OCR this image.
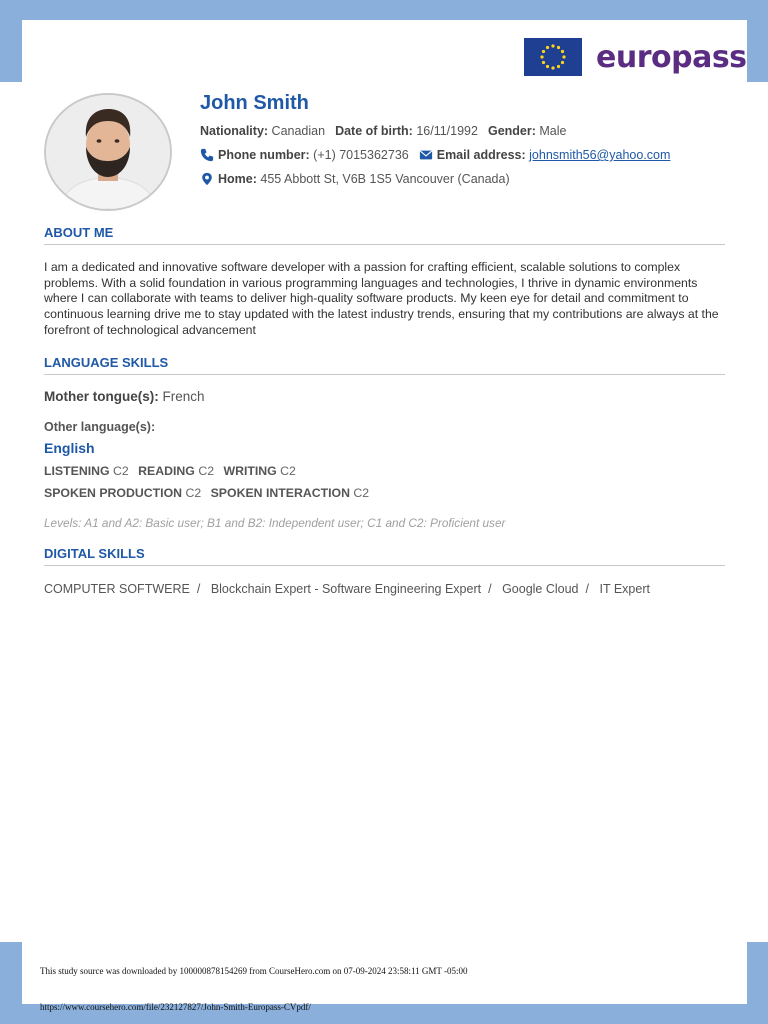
europass
John Smith
Nationality:
Canadian Date of birth:
16/11/1992 Gender:
Male
Phone number:
(+1) 7015362736 Email address:
johnsmith56@yahoo.com
Home:
455 Abbott St, V6B 1S5 Vancouver (Canada)
ABOUT ME
I am a dedicated and innovative software developer with a passion for crafting efficient, scalable solutions to complex problems. With a solid foundation in various programming languages and technologies, I thrive in dynamic environments where I can collaborate with teams to deliver high-quality software products. My keen eye for detail and commitment to continuous learning drive me to stay updated with the latest industry trends, ensuring that my contributions are always at the forefront of technological advancement
LANGUAGE SKILLS
Mother tongue(s): French
Other language(s):
English
LISTENING C2 READING C2 WRITING C2
SPOKEN PRODUCTION C2 SPOKEN INTERACTION C2
Levels: A1 and A2: Basic user; B1 and B2: Independent user; C1 and C2: Proficient user
DIGITAL SKILLS
COMPUTER SOFTWERE / Blockchain Expert - Software Engineering Expert / Google Cloud / IT Expert
This study source was downloaded by 100000878154269 from CourseHero.com on 07-09-2024 23:58:11 GMT -05:00
https://www.coursehero.com/file/232127827/John-Smith-Europass-CVpdf/
